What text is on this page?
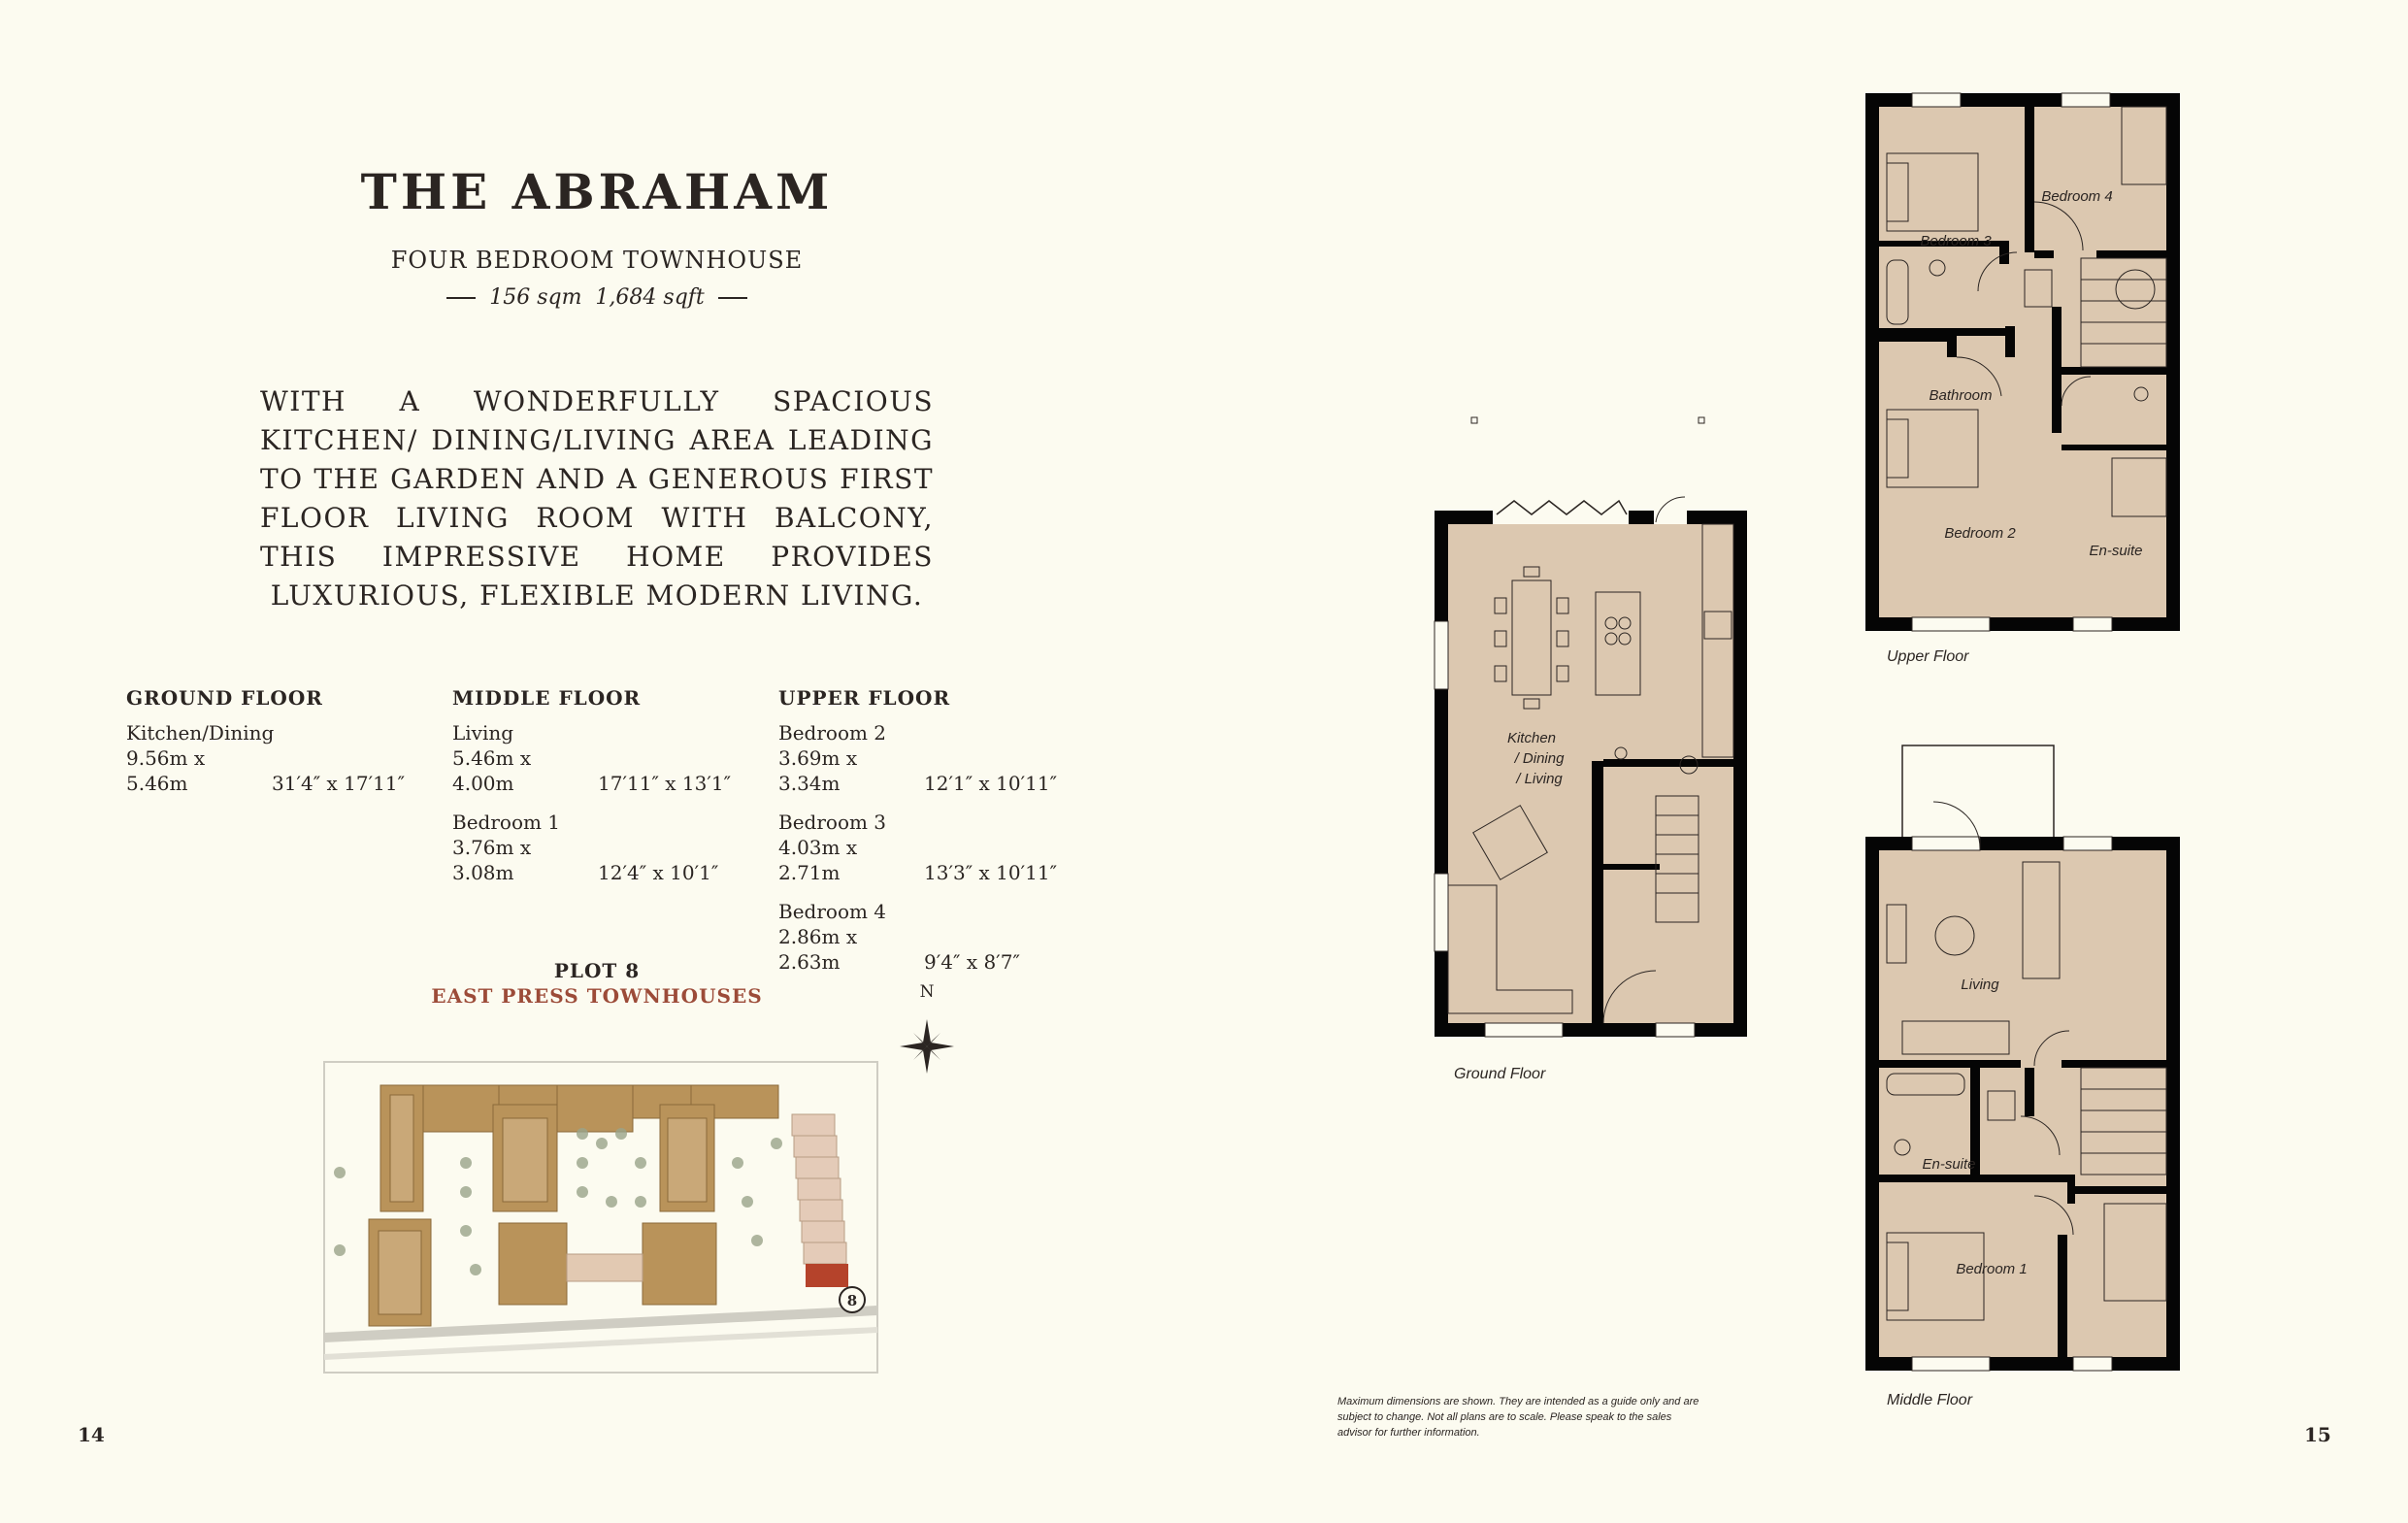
THE ABRAHAM
FOUR BEDROOM TOWNHOUSE
156 sqm  1,684 sqft
WITH A WONDERFULLY SPACIOUS KITCHEN/ DINING/LIVING AREA LEADING TO THE GARDEN AND A GENEROUS FIRST FLOOR LIVING ROOM WITH BALCONY, THIS IMPRESSIVE HOME PROVIDES LUXURIOUS, FLEXIBLE MODERN LIVING.
GROUND FLOOR
Kitchen/Dining
9.56m x 5.46m	31′4″ x 17′11″
MIDDLE FLOOR
Living
5.46m x 4.00m	17′11″ x 13′1″
Bedroom 1
3.76m x 3.08m	12′4″ x 10′1″
UPPER FLOOR
Bedroom 2
3.69m x 3.34m	12′1″ x 10′11″
Bedroom 3
4.03m x 2.71m	13′3″ x 10′11″
Bedroom 4
2.86m x 2.63m	9′4″ x 8′7″
PLOT 8
EAST PRESS TOWNHOUSES	N
8
14
Kitchen
/ Dining
/ Living
Ground Floor
Bedroom 3
Bedroom 4
Bathroom
Bedroom 2
En-suite
Upper Floor
Living
En-suite
Bedroom 1
Middle Floor
Maximum dimensions are shown. They are intended as a guide only and are subject to change. Not all plans are to scale. Please speak to the sales advisor for further information.	15
